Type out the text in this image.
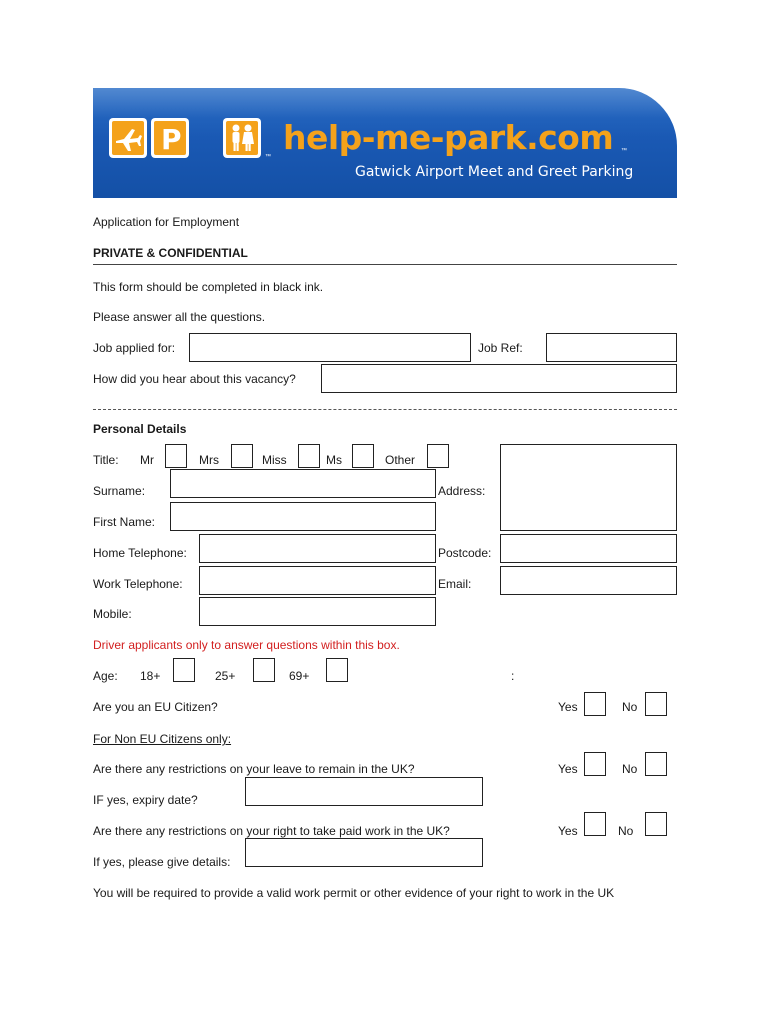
P
™ help-me-park.com ™
Gatwick Airport Meet and Greet Parking
Application for Employment
PRIVATE & CONFIDENTIAL
This form should be completed in black ink.
Please answer all the questions.
Job applied for:	Job Ref:
How did you hear about this vacancy?
Personal Details
Title: Mr	Mrs	Miss	Ms	Other
Surname:	Address:
First Name:
Home Telephone:	Postcode:
Work Telephone:	Email:
Mobile:
Driver applicants only to answer questions within this box.
Age: 18+	25+	69+	:
Are you an EU Citizen?	Yes	No
For Non EU Citizens only:
Are there any restrictions on your leave to remain in the UK?	Yes	No
IF yes, expiry date?
Are there any restrictions on your right to take paid work in the UK?	Yes	No
If yes, please give details:
You will be required to provide a valid work permit or other evidence of your right to work in the UK
